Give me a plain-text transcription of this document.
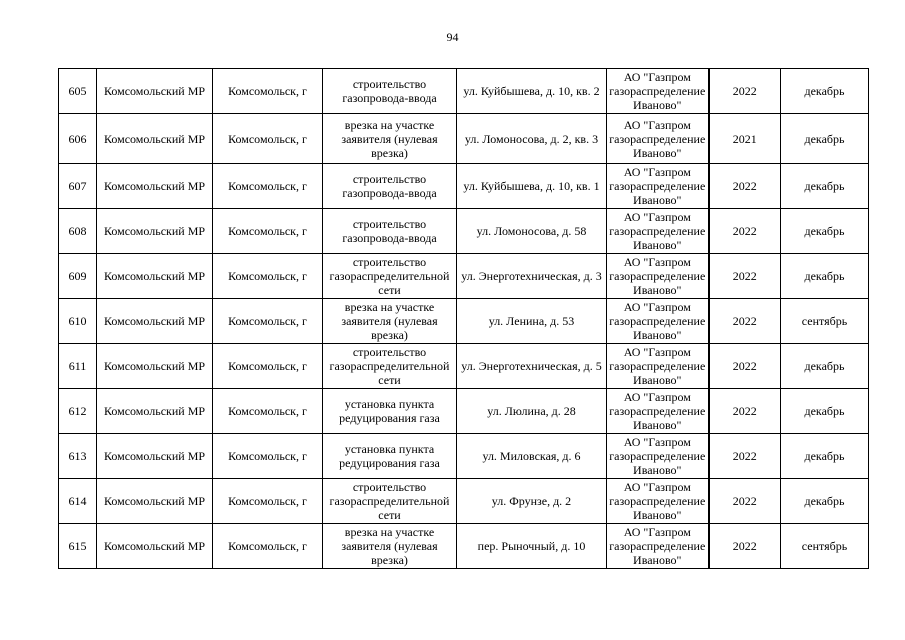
94
605	Комсомольский МР	Комсомольск, г	строительство газопровода-ввода	ул. Куйбышева, д. 10, кв. 2	АО "Газпром газораспределение Иваново"	2022	декабрь
606	Комсомольский МР	Комсомольск, г	врезка на участке заявителя (нулевая врезка)	ул. Ломоносова, д. 2, кв. 3	АО "Газпром газораспределение Иваново"	2021	декабрь
607	Комсомольский МР	Комсомольск, г	строительство газопровода-ввода	ул. Куйбышева, д. 10, кв. 1	АО "Газпром газораспределение Иваново"	2022	декабрь
608	Комсомольский МР	Комсомольск, г	строительство газопровода-ввода	ул. Ломоносова, д. 58	АО "Газпром газораспределение Иваново"	2022	декабрь
609	Комсомольский МР	Комсомольск, г	строительство газораспределительной сети	ул. Энерготехническая, д. 3	АО "Газпром газораспределение Иваново"	2022	декабрь
610	Комсомольский МР	Комсомольск, г	врезка на участке заявителя (нулевая врезка)	ул. Ленина, д. 53	АО "Газпром газораспределение Иваново"	2022	сентябрь
611	Комсомольский МР	Комсомольск, г	строительство газораспределительной сети	ул. Энерготехническая, д. 5	АО "Газпром газораспределение Иваново"	2022	декабрь
612	Комсомольский МР	Комсомольск, г	установка пункта редуцирования газа	ул. Люлина, д. 28	АО "Газпром газораспределение Иваново"	2022	декабрь
613	Комсомольский МР	Комсомольск, г	установка пункта редуцирования газа	ул. Миловская, д. 6	АО "Газпром газораспределение Иваново"	2022	декабрь
614	Комсомольский МР	Комсомольск, г	строительство газораспределительной сети	ул. Фрунзе, д. 2	АО "Газпром газораспределение Иваново"	2022	декабрь
615	Комсомольский МР	Комсомольск, г	врезка на участке заявителя (нулевая врезка)	пер. Рыночный, д. 10	АО "Газпром газораспределение Иваново"	2022	сентябрь
